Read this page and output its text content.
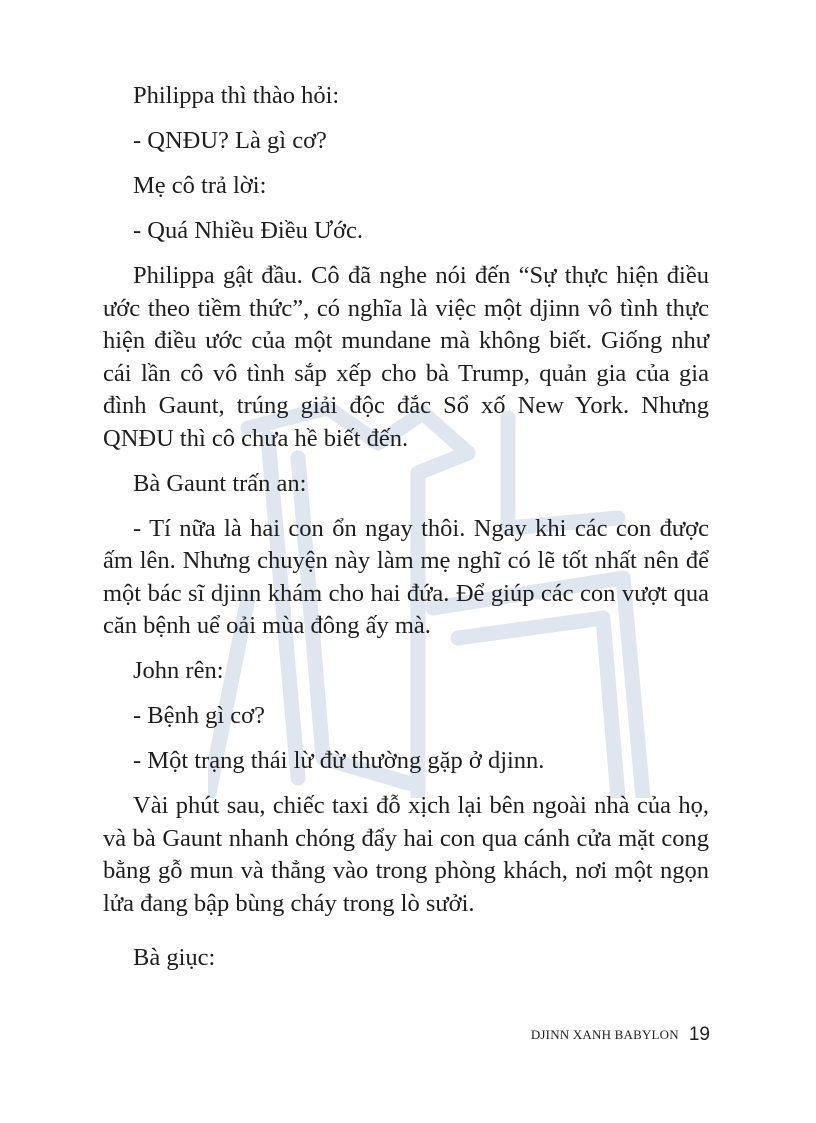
Philippa thì thào hỏi:

- QNĐU? Là gì cơ?

Mẹ cô trả lời:

- Quá Nhiều Điều Ước.

Philippa gật đầu. Cô đã nghe nói đến “Sự thực hiện điều ước theo tiềm thức”, có nghĩa là việc một djinn vô tình thực hiện điều ước của một mundane mà không biết. Giống như cái lần cô vô tình sắp xếp cho bà Trump, quản gia của gia đình Gaunt, trúng giải độc đắc Sổ xố New York. Nhưng QNĐU thì cô chưa hề biết đến.

Bà Gaunt trấn an:

- Tí nữa là hai con ổn ngay thôi. Ngay khi các con được ấm lên. Nhưng chuyện này làm mẹ nghĩ có lẽ tốt nhất nên để một bác sĩ djinn khám cho hai đứa. Để giúp các con vượt qua căn bệnh uể oải mùa đông ấy mà.

John rên:

- Bệnh gì cơ?

- Một trạng thái lừ đừ thường gặp ở djinn.

Vài phút sau, chiếc taxi đỗ xịch lại bên ngoài nhà của họ, và bà Gaunt nhanh chóng đẩy hai con qua cánh cửa mặt cong bằng gỗ mun và thẳng vào trong phòng khách, nơi một ngọn lửa đang bập bùng cháy trong lò sưởi.

Bà giục:

DJINN XANH BABYLON 19
